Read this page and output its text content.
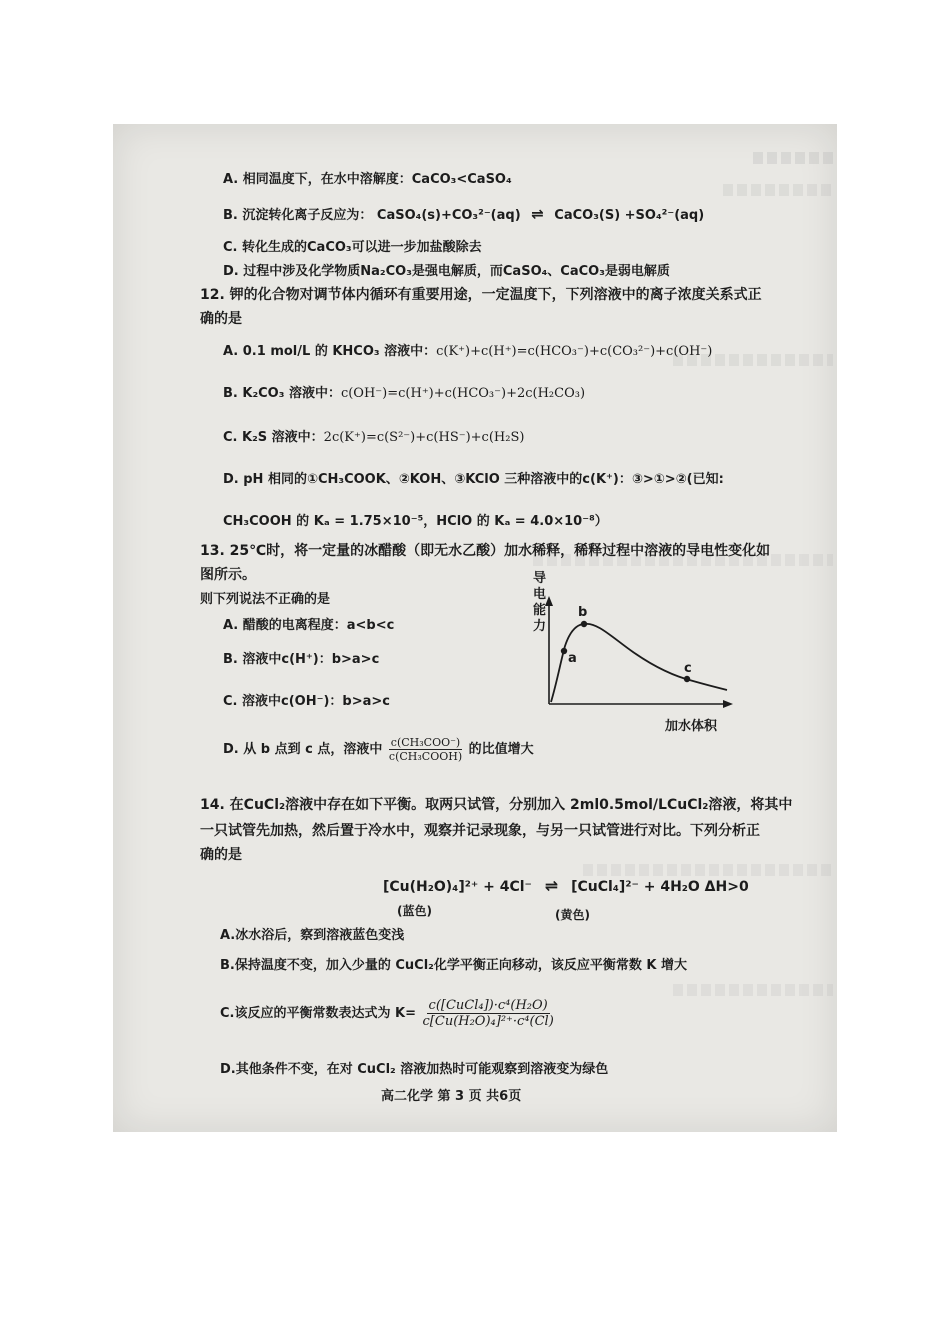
A. 相同温度下，在水中溶解度：CaCO₃<CaSO₄
B. 沉淀转化离子反应为： CaSO₄(s)+CO₃²⁻(aq) ⇌ CaCO₃(S) +SO₄²⁻(aq)
C. 转化生成的CaCO₃可以进一步加盐酸除去
D. 过程中涉及化学物质Na₂CO₃是强电解质，而CaSO₄、CaCO₃是弱电解质
12. 钾的化合物对调节体内循环有重要用途，一定温度下，下列溶液中的离子浓度关系式正
确的是
A. 0.1 mol/L 的 KHCO₃ 溶液中：c(K⁺)+c(H⁺)=c(HCO₃⁻)+c(CO₃²⁻)+c(OH⁻)
B. K₂CO₃ 溶液中：c(OH⁻)=c(H⁺)+c(HCO₃⁻)+2c(H₂CO₃)
C. K₂S 溶液中：2c(K⁺)=c(S²⁻)+c(HS⁻)+c(H₂S)
D. pH 相同的①CH₃COOK、②KOH、③KClO 三种溶液中的c(K⁺)：③>①>②(已知:
CH₃COOH 的 Kₐ = 1.75×10⁻⁵，HClO 的 Kₐ = 4.0×10⁻⁸）
13. 25℃时，将一定量的冰醋酸（即无水乙酸）加水稀释，稀释过程中溶液的导电性变化如
图所示。
则下列说法不正确的是
A. 醋酸的电离程度：a<b<c
B. 溶液中c(H⁺)：b>a>c
C. 溶液中c(OH⁻)：b>a>c
D. 从 b 点到 c 点，溶液中 $\frac{\text{c(CH₃COO⁻)}}{\text{c(CH₃COOH)}}$ 的比值增大
导
电
能
力
a
b
c
加水体积
14. 在CuCl₂溶液中存在如下平衡。取两只试管，分别加入 2ml0.5mol/LCuCl₂溶液，将其中
一只试管先加热，然后置于冷水中，观察并记录现象，与另一只试管进行对比。下列分析正
确的是
[Cu(H₂O)₄]²⁺ + 4Cl⁻ ⇌ [CuCl₄]²⁻ + 4H₂O ΔH>0
(蓝色)	(黄色)
A.冰水浴后，察到溶液蓝色变浅
B.保持温度不变，加入少量的 CuCl₂化学平衡正向移动，该反应平衡常数 K 增大
C.该反应的平衡常数表达式为 $K= \frac{\text{c([CuCl₄])·c⁴(H₂O)}}{\text{c[Cu(H₂O)₄]²⁺·c⁴(Cl)}}$
D.其他条件不变，在对 CuCl₂ 溶液加热时可能观察到溶液变为绿色
高二化学 第 3 页 共6页
